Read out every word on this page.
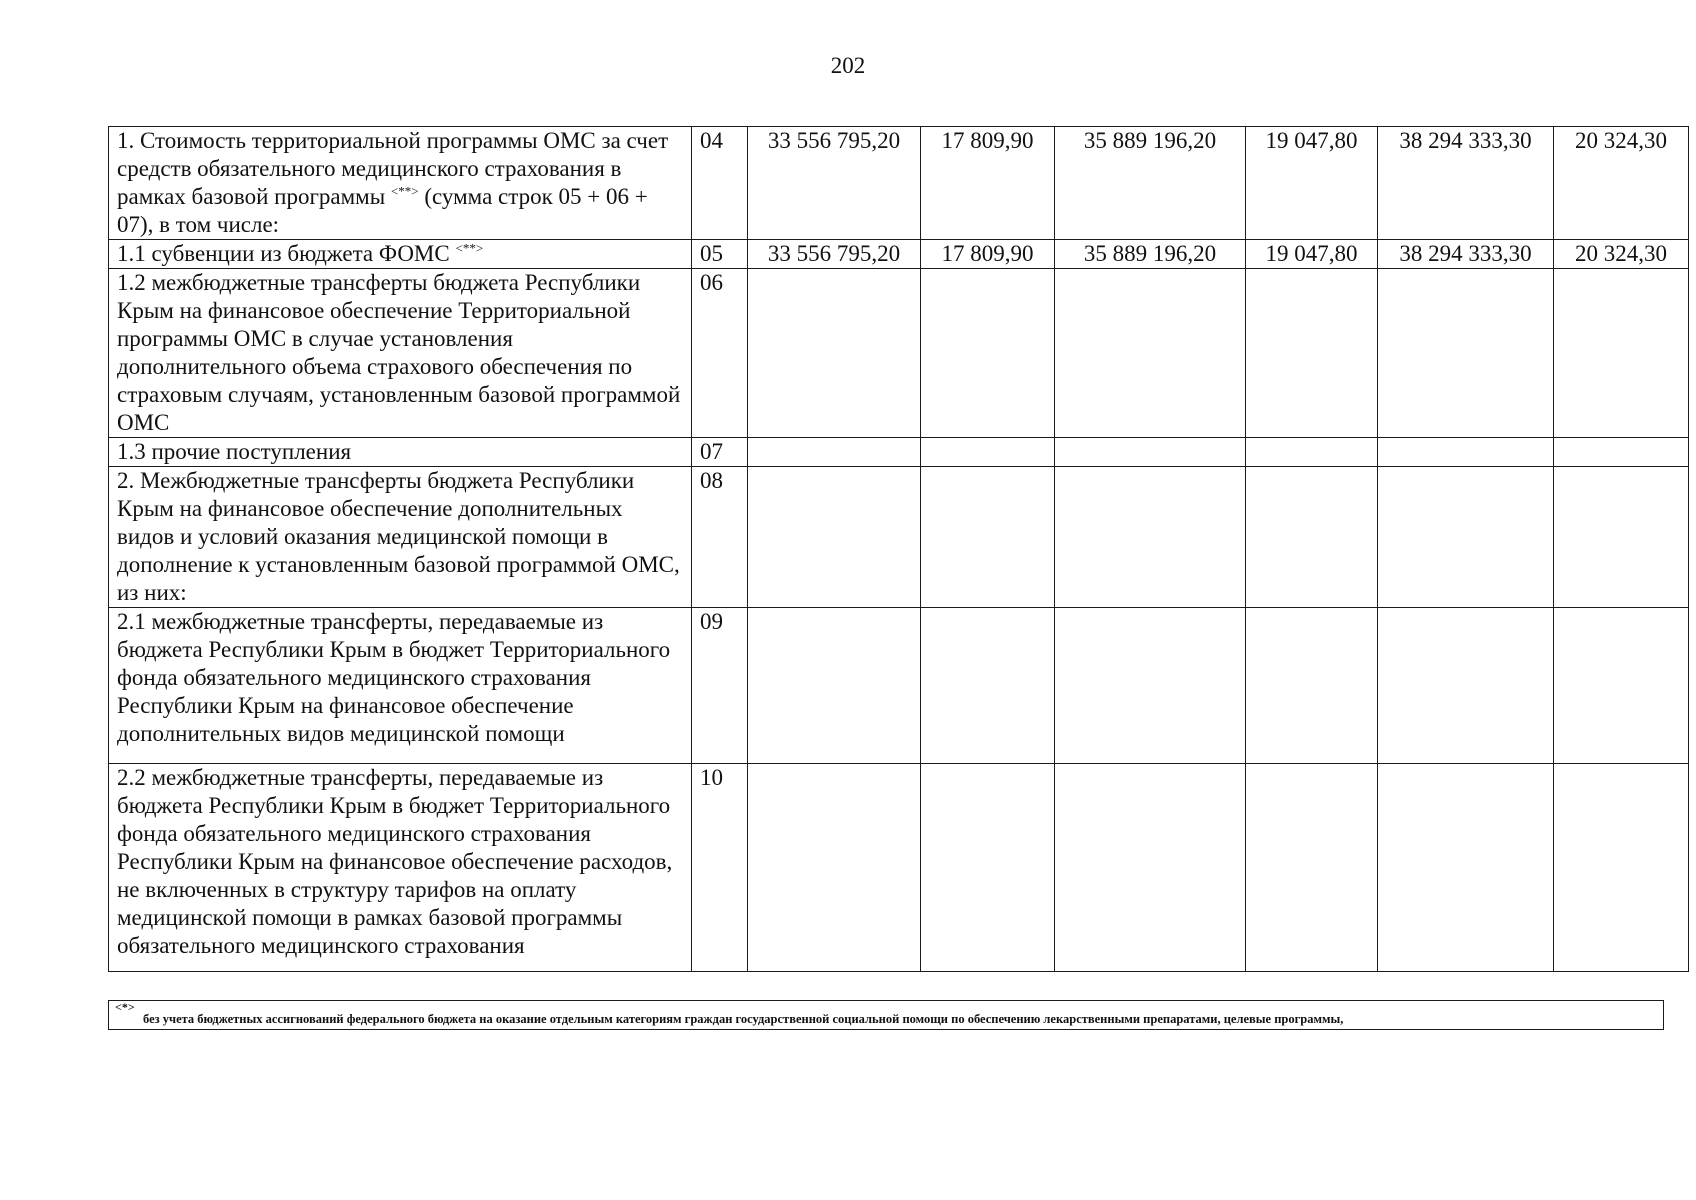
202
1. Стоимость территориальной программы ОМС за счет средств обязательного медицинского страхования в рамках базовой программы <**> (сумма строк 05 + 06 + 07), в том числе:	04	33 556 795,20	17 809,90	35 889 196,20	19 047,80	38 294 333,30	20 324,30
1.1 субвенции из бюджета ФОМС <**>	05	33 556 795,20	17 809,90	35 889 196,20	19 047,80	38 294 333,30	20 324,30
1.2 межбюджетные трансферты бюджета Республики Крым на финансовое обеспечение Территориальной программы ОМС в случае установления дополнительного объема страхового обеспечения по страховым случаям, установленным базовой программой ОМС	06						
1.3 прочие поступления	07						
2. Межбюджетные трансферты бюджета Республики Крым на финансовое обеспечение дополнительных видов и условий оказания медицинской помощи в дополнение к установленным базовой программой ОМС, из них:	08						
2.1 межбюджетные трансферты, передаваемые из бюджета Республики Крым в бюджет Территориального фонда обязательного медицинского страхования Республики Крым на финансовое обеспечение дополнительных видов медицинской помощи	09						
2.2 межбюджетные трансферты, передаваемые из бюджета Республики Крым в бюджет Территориального фонда обязательного медицинского страхования Республики Крым на финансовое обеспечение расходов, не включенных в структуру тарифов на оплату медицинской помощи в рамках базовой программы обязательного медицинского страхования	10						
<*>
без учета бюджетных ассигнований федерального бюджета на оказание отдельным категориям граждан государственной социальной помощи по обеспечению лекарственными препаратами, целевые программы,
